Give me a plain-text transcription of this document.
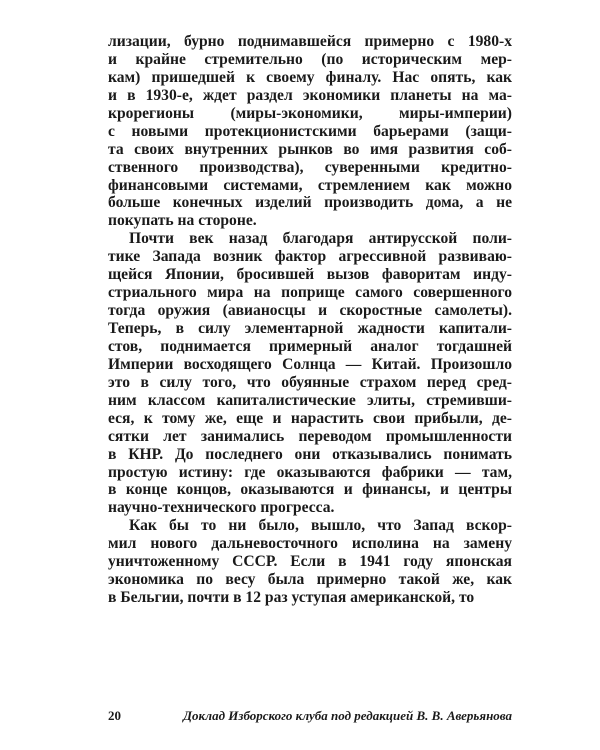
лизации, бурно поднимавшейся примерно с 1980-х
и крайне стремительно (по историческим мер-
кам) пришедшей к своему финалу. Нас опять, как
и в 1930-е, ждет раздел экономики планеты на ма-
крорегионы (миры-экономики, миры-империи)
с новыми протекционистскими барьерами (защи-
та своих внутренних рынков во имя развития соб-
ственного производства), суверенными кредитно-
финансовыми системами, стремлением как можно
больше конечных изделий производить дома, а не
покупать на стороне.
Почти век назад благодаря антирусской поли-
тике Запада возник фактор агрессивной развиваю-
щейся Японии, бросившей вызов фаворитам инду-
стриального мира на поприще самого совершенного
тогда оружия (авианосцы и скоростные самолеты).
Теперь, в силу элементарной жадности капитали-
стов, поднимается примерный аналог тогдашней
Империи восходящего Солнца — Китай. Произошло
это в силу того, что обуянные страхом перед сред-
ним классом капиталистические элиты, стремивши-
еся, к тому же, еще и нарастить свои прибыли, де-
сятки лет занимались переводом промышленности
в КНР. До последнего они отказывались понимать
простую истину: где оказываются фабрики — там,
в конце концов, оказываются и финансы, и центры
научно-технического прогресса.
Как бы то ни было, вышло, что Запад вскор-
мил нового дальневосточного исполина на замену
уничтоженному СССР. Если в 1941 году японская
экономика по весу была примерно такой же, как
в Бельгии, почти в 12 раз уступая американской, то
20	Доклад Изборского клуба под редакцией В. В. Аверьянова
